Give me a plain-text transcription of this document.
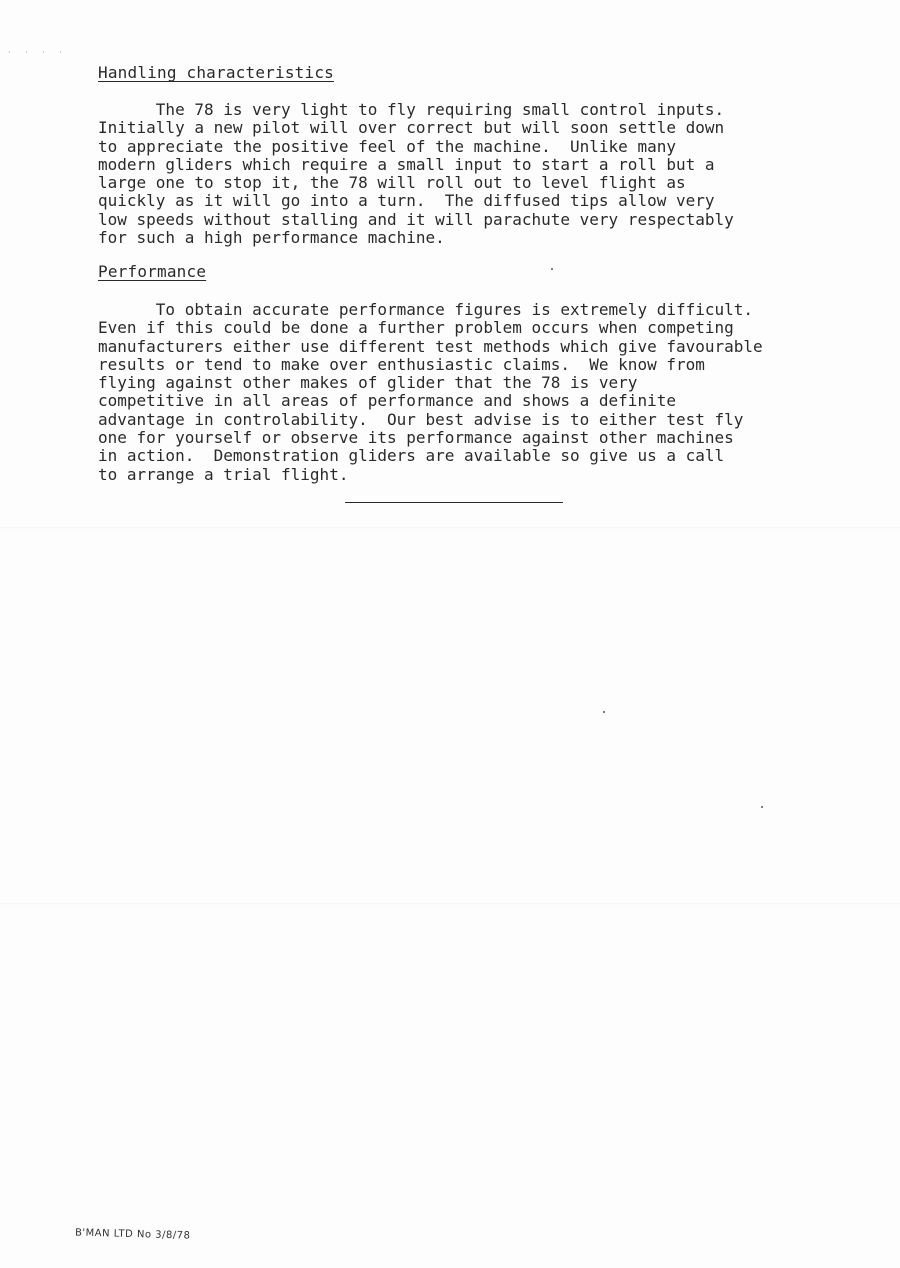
· · · ·
Handling characteristics
The 78 is very light to fly requiring small control inputs.
Initially a new pilot will over correct but will soon settle down
to appreciate the positive feel of the machine.  Unlike many
modern gliders which require a small input to start a roll but a
large one to stop it, the 78 will roll out to level flight as
quickly as it will go into a turn.  The diffused tips allow very
low speeds without stalling and it will parachute very respectably
for such a high performance machine.
Performance
To obtain accurate performance figures is extremely difficult.
Even if this could be done a further problem occurs when competing
manufacturers either use different test methods which give favourable
results or tend to make over enthusiastic claims.  We know from
flying against other makes of glider that the 78 is very
competitive in all areas of performance and shows a definite
advantage in controlability.  Our best advise is to either test fly
one for yourself or observe its performance against other machines
in action.  Demonstration gliders are available so give us a call
to arrange a trial flight.
B'MAN LTD No 3/8/78
